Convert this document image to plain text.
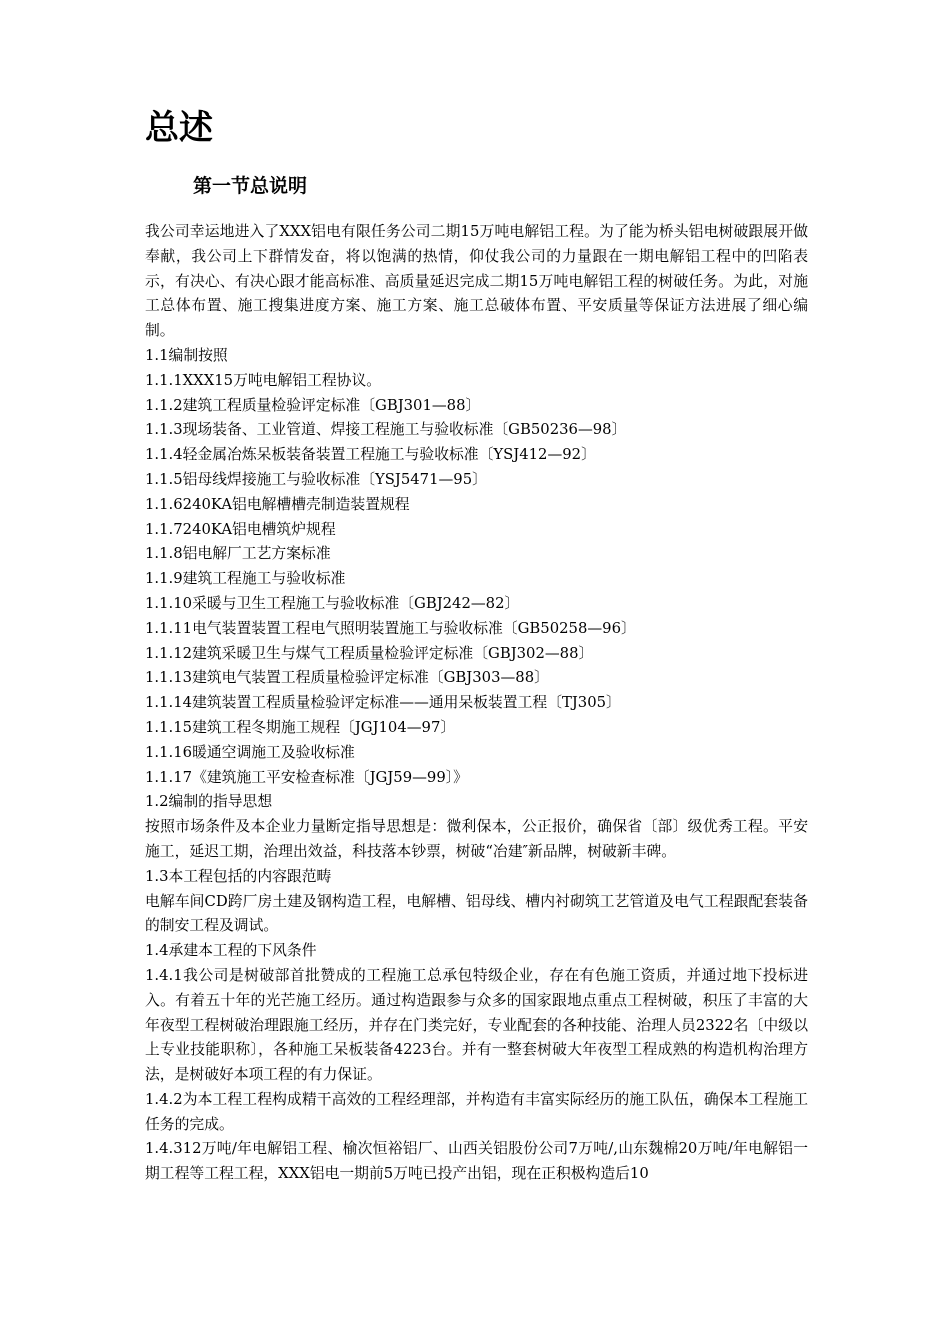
总述
第一节总说明

我公司幸运地进入了XXX铝电有限任务公司二期15万吨电解铝工程。为了能为桥头铝电树破跟展开做奉献，我公司上下群情发奋，将以饱满的热情，仰仗我公司的力量跟在一期电解铝工程中的凹陷表示，有决心、有决心跟才能高标准、高质量延迟完成二期15万吨电解铝工程的树破任务。为此，对施工总体布置、施工搜集进度方案、施工方案、施工总破体布置、平安质量等保证方法进展了细心编制。

1.1编制按照

1.1.1XXX15万吨电解铝工程协议。

1.1.2建筑工程质量检验评定标准〔GBJ301—88〕

1.1.3现场装备、工业管道、焊接工程施工与验收标准〔GB50236—98〕

1.1.4轻金属冶炼呆板装备装置工程施工与验收标准〔YSJ412—92〕

1.1.5铝母线焊接施工与验收标准〔YSJ5471—95〕

1.1.6240KA铝电解槽槽壳制造装置规程

1.1.7240KA铝电槽筑炉规程

1.1.8铝电解厂工艺方案标准

1.1.9建筑工程施工与验收标准

1.1.10采暖与卫生工程施工与验收标准〔GBJ242—82〕

1.1.11电气装置装置工程电气照明装置施工与验收标准〔GB50258—96〕

1.1.12建筑采暖卫生与煤气工程质量检验评定标准〔GBJ302—88〕

1.1.13建筑电气装置工程质量检验评定标准〔GBJ303—88〕

1.1.14建筑装置工程质量检验评定标准——通用呆板装置工程〔TJ305〕

1.1.15建筑工程冬期施工规程〔JGJ104—97〕

1.1.16暖通空调施工及验收标准

1.1.17《建筑施工平安检查标准〔JGJ59—99〕》

1.2编制的指导思想

按照市场条件及本企业力量断定指导思想是：微利保本，公正报价，确保省〔部〕级优秀工程。平安施工，延迟工期，治理出效益，科技落本钞票，树破“冶建″新品牌，树破新丰碑。

1.3本工程包括的内容跟范畴

电解车间CD跨厂房土建及钢构造工程，电解槽、铝母线、槽内衬砌筑工艺管道及电气工程跟配套装备的制安工程及调试。

1.4承建本工程的下风条件

1.4.1我公司是树破部首批赞成的工程施工总承包特级企业，存在有色施工资质，并通过地下投标进入。有着五十年的光芒施工经历。通过构造跟参与众多的国家跟地点重点工程树破，积压了丰富的大年夜型工程树破治理跟施工经历，并存在门类完好，专业配套的各种技能、治理人员2322名〔中级以上专业技能职称〕，各种施工呆板装备4223台。并有一整套树破大年夜型工程成熟的构造机构治理方法，是树破好本项工程的有力保证。

1.4.2为本工程工程构成精干高效的工程经理部，并构造有丰富实际经历的施工队伍，确保本工程施工任务的完成。

1.4.312万吨/年电解铝工程、榆次恒裕铝厂、山西关铝股份公司7万吨/,山东魏棉20万吨/年电解铝一期工程等工程工程，XXX铝电一期前5万吨已投产出铝，现在正积极构造后10
